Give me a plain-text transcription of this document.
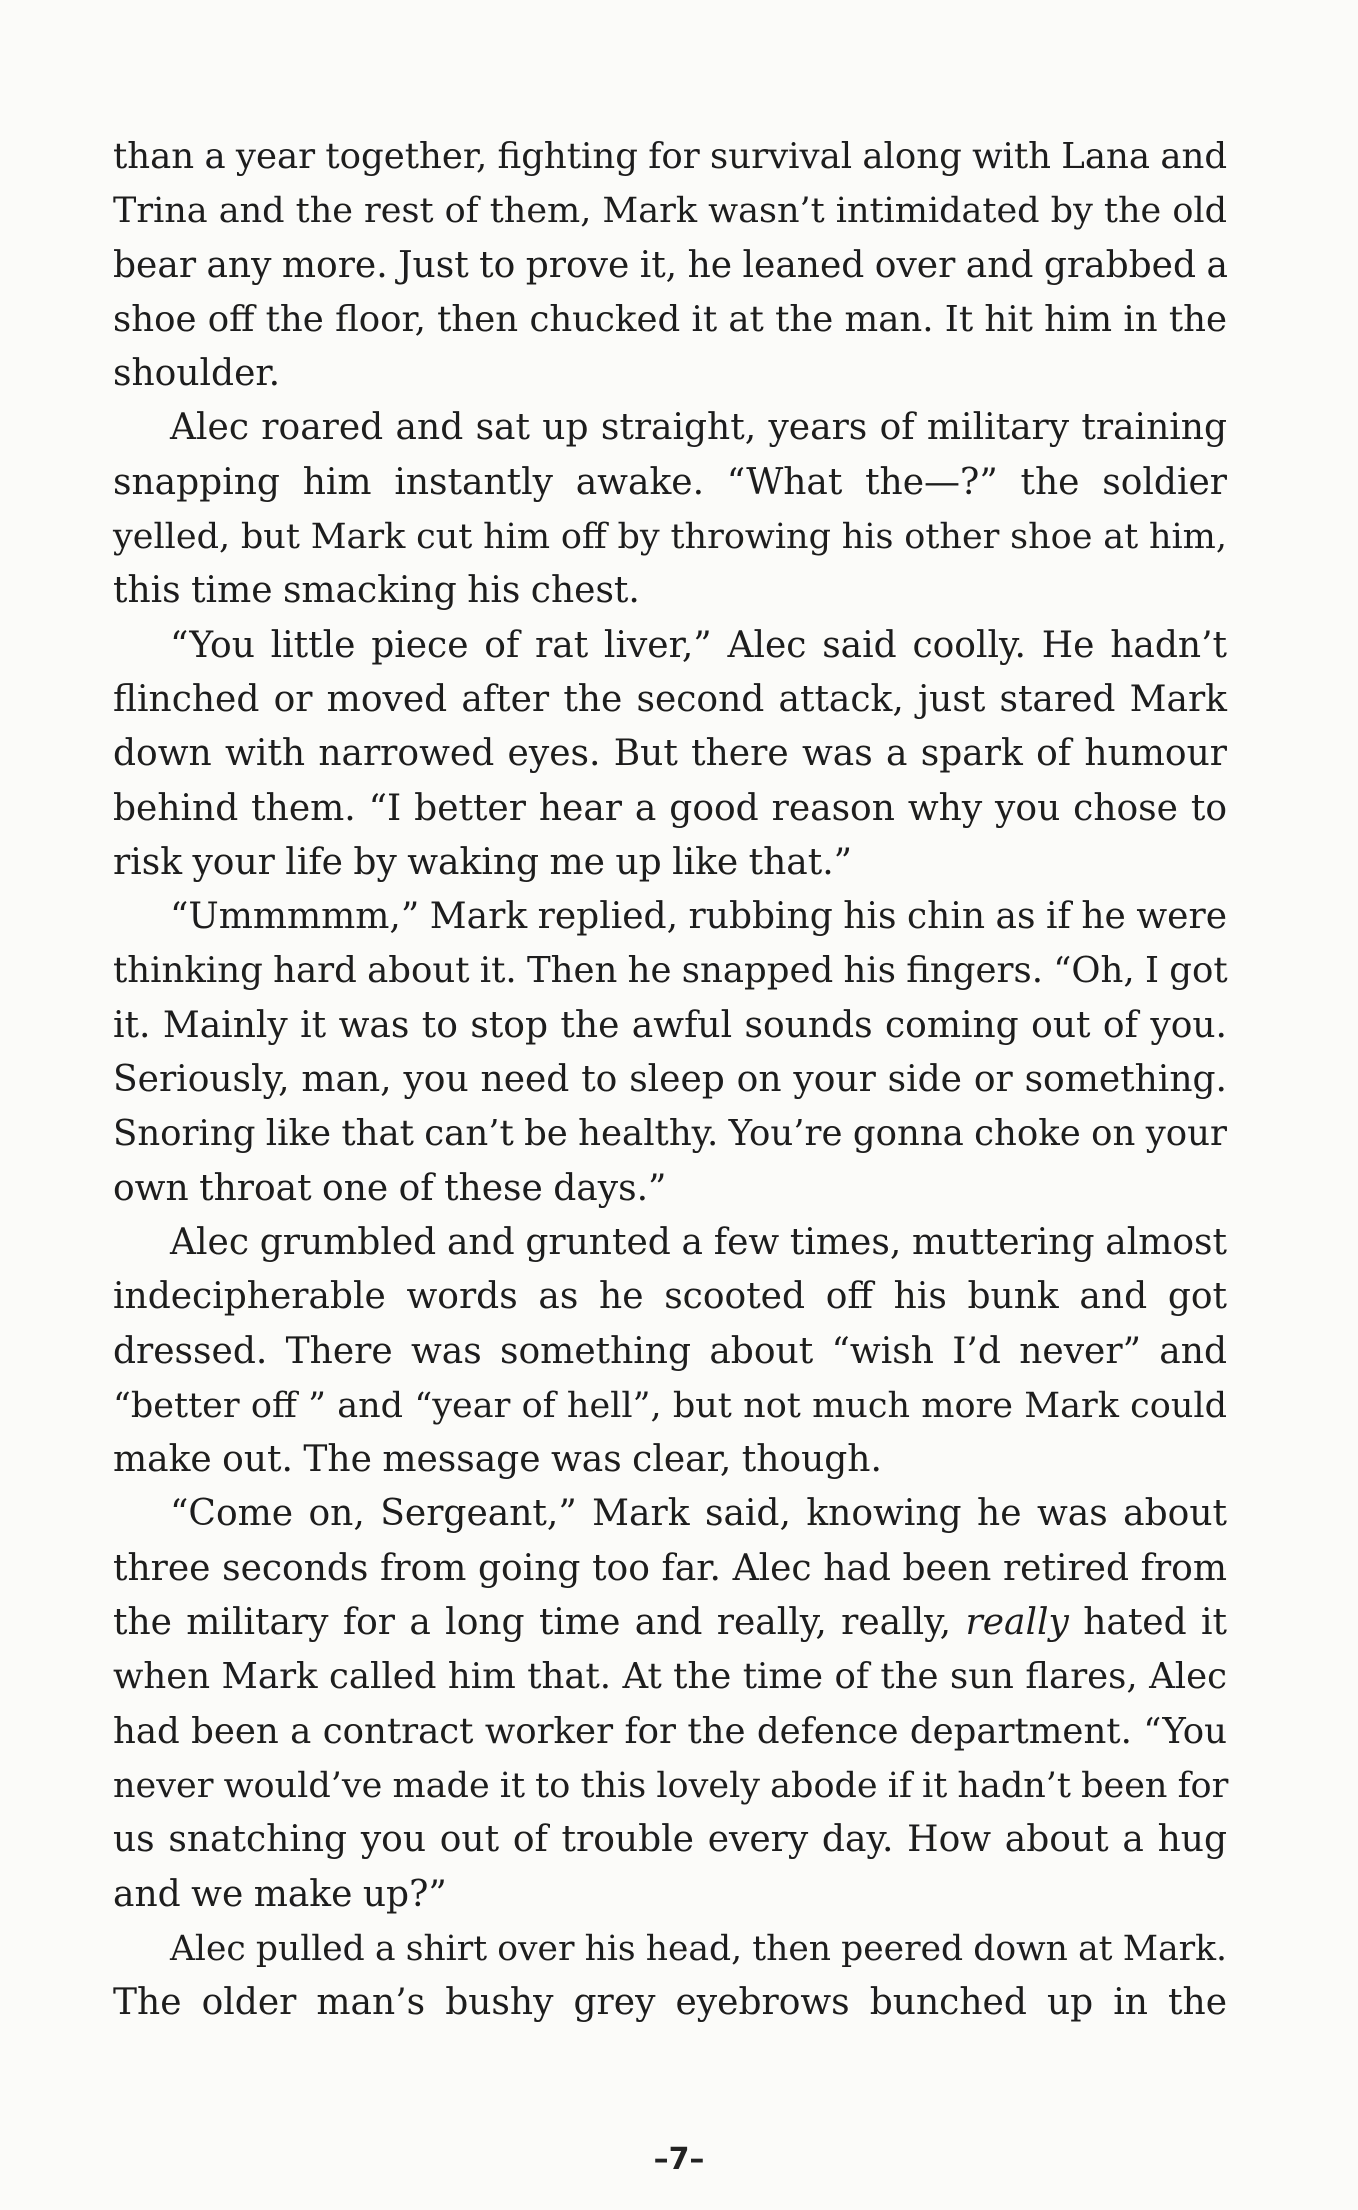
than a year together, fighting for survival along with Lana and
Trina and the rest of them, Mark wasn’t intimidated by the old
bear any more. Just to prove it, he leaned over and grabbed a
shoe off the floor, then chucked it at the man. It hit him in the
shoulder.
Alec roared and sat up straight, years of military training
snapping him instantly awake. “What the—?” the soldier
yelled, but Mark cut him off by throwing his other shoe at him,
this time smacking his chest.
“You little piece of rat liver,” Alec said coolly. He hadn’t
flinched or moved after the second attack, just stared Mark
down with narrowed eyes. But there was a spark of humour
behind them. “I better hear a good reason why you chose to
risk your life by waking me up like that.”
“Ummmmm,” Mark replied, rubbing his chin as if he were
thinking hard about it. Then he snapped his fingers. “Oh, I got
it. Mainly it was to stop the awful sounds coming out of you.
Seriously, man, you need to sleep on your side or something.
Snoring like that can’t be healthy. You’re gonna choke on your
own throat one of these days.”
Alec grumbled and grunted a few times, muttering almost
indecipherable words as he scooted off his bunk and got
dressed. There was something about “wish I’d never” and
“better off ” and “year of hell”, but not much more Mark could
make out. The message was clear, though.
“Come on, Sergeant,” Mark said, knowing he was about
three seconds from going too far. Alec had been retired from
the military for a long time and really, really, really hated it
when Mark called him that. At the time of the sun flares, Alec
had been a contract worker for the defence department. “You
never would’ve made it to this lovely abode if it hadn’t been for
us snatching you out of trouble every day. How about a hug
and we make up?”
Alec pulled a shirt over his head, then peered down at Mark.
The older man’s bushy grey eyebrows bunched up in the
–7–
